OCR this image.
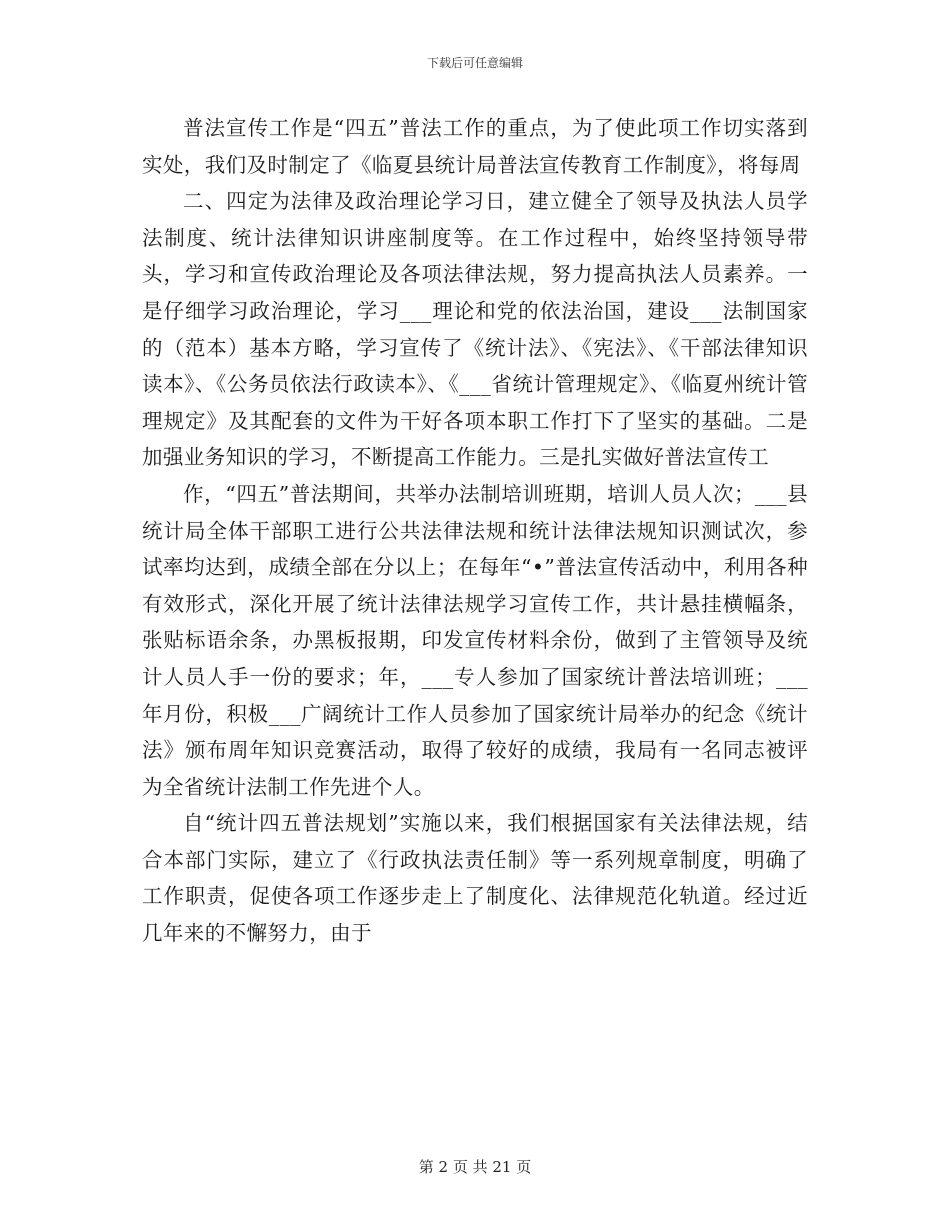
下载后可任意编辑

普法宣传工作是“四五”普法工作的重点，为了使此项工作切实落到实处，我们及时制定了《临夏县统计局普法宣传教育工作制度》，将每周

二、四定为法律及政治理论学习日，建立健全了领导及执法人员学法制度、统计法律知识讲座制度等。在工作过程中，始终坚持领导带头，学习和宣传政治理论及各项法律法规，努力提高执法人员素养。一是仔细学习政治理论，学习___理论和党的依法治国，建设___法制国家的（范本）基本方略，学习宣传了《统计法》、《宪法》、《干部法律知识读本》、《公务员依法行政读本》、《___省统计管理规定》、《临夏州统计管理规定》及其配套的文件为干好各项本职工作打下了坚实的基础。二是加强业务知识的学习，不断提高工作能力。三是扎实做好普法宣传工

作，“四五”普法期间，共举办法制培训班期，培训人员人次；___县统计局全体干部职工进行公共法律法规和统计法律法规知识测试次，参试率均达到，成绩全部在分以上；在每年“•”普法宣传活动中，利用各种有效形式，深化开展了统计法律法规学习宣传工作，共计悬挂横幅条，张贴标语余条，办黑板报期，印发宣传材料余份，做到了主管领导及统计人员人手一份的要求；年，___专人参加了国家统计普法培训班；___年月份，积极___广阔统计工作人员参加了国家统计局举办的纪念《统计法》颁布周年知识竞赛活动，取得了较好的成绩，我局有一名同志被评为全省统计法制工作先进个人。

自“统计四五普法规划”实施以来，我们根据国家有关法律法规，结合本部门实际，建立了《行政执法责任制》等一系列规章制度，明确了工作职责，促使各项工作逐步走上了制度化、法律规范化轨道。经过近几年来的不懈努力，由于

第 2 页 共 21 页
